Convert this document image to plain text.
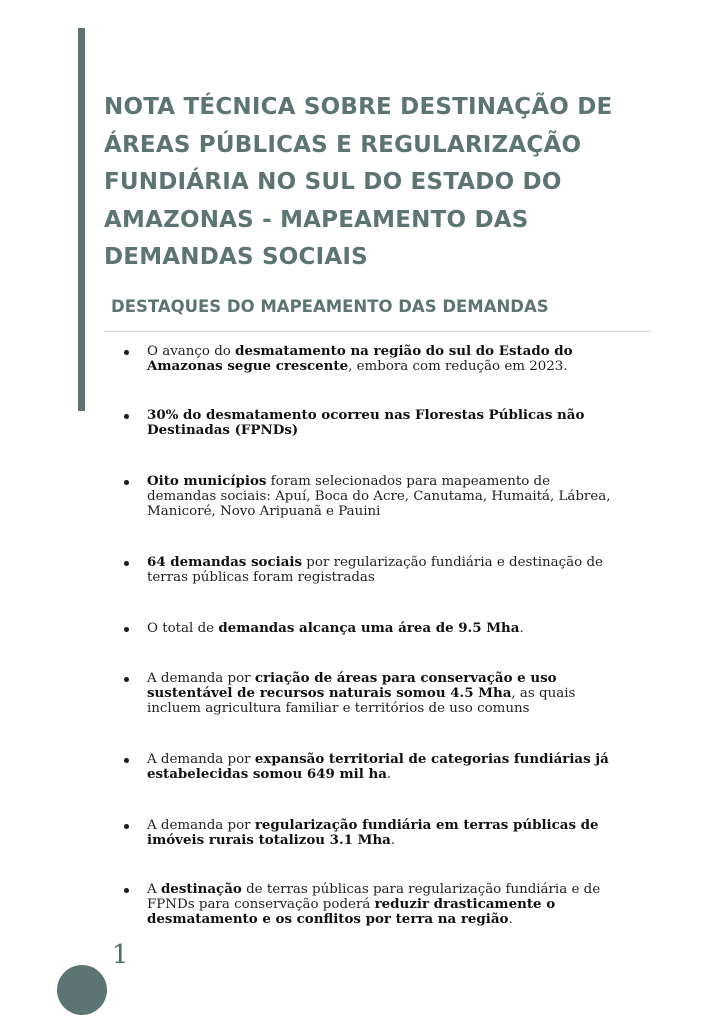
NOTA TÉCNICA SOBRE DESTINAÇÃO DE ÁREAS PÚBLICAS E REGULARIZAÇÃO FUNDIÁRIA NO SUL DO ESTADO DO AMAZONAS - MAPEAMENTO DAS DEMANDAS SOCIAIS
DESTAQUES DO MAPEAMENTO DAS DEMANDAS
O avanço do desmatamento na região do sul do Estado do Amazonas segue crescente, embora com redução em 2023.
30% do desmatamento ocorreu nas Florestas Públicas não Destinadas (FPNDs)
Oito municípios foram selecionados para mapeamento de demandas sociais: Apuí, Boca do Acre, Canutama, Humaitá, Lábrea, Manicoré, Novo Aripuanã e Pauini
64 demandas sociais por regularização fundiária e destinação de terras públicas foram registradas
O total de demandas alcança uma área de 9.5 Mha.
A demanda por criação de áreas para conservação e uso sustentável de recursos naturais somou 4.5 Mha, as quais incluem agricultura familiar e territórios de uso comuns
A demanda por expansão territorial de categorias fundiárias já estabelecidas somou 649 mil ha.
A demanda por regularização fundiária em terras públicas de imóveis rurais totalizou 3.1 Mha.
A destinação de terras públicas para regularização fundiária e de FPNDs para conservação poderá reduzir drasticamente o desmatamento e os conflitos por terra na região.
1
